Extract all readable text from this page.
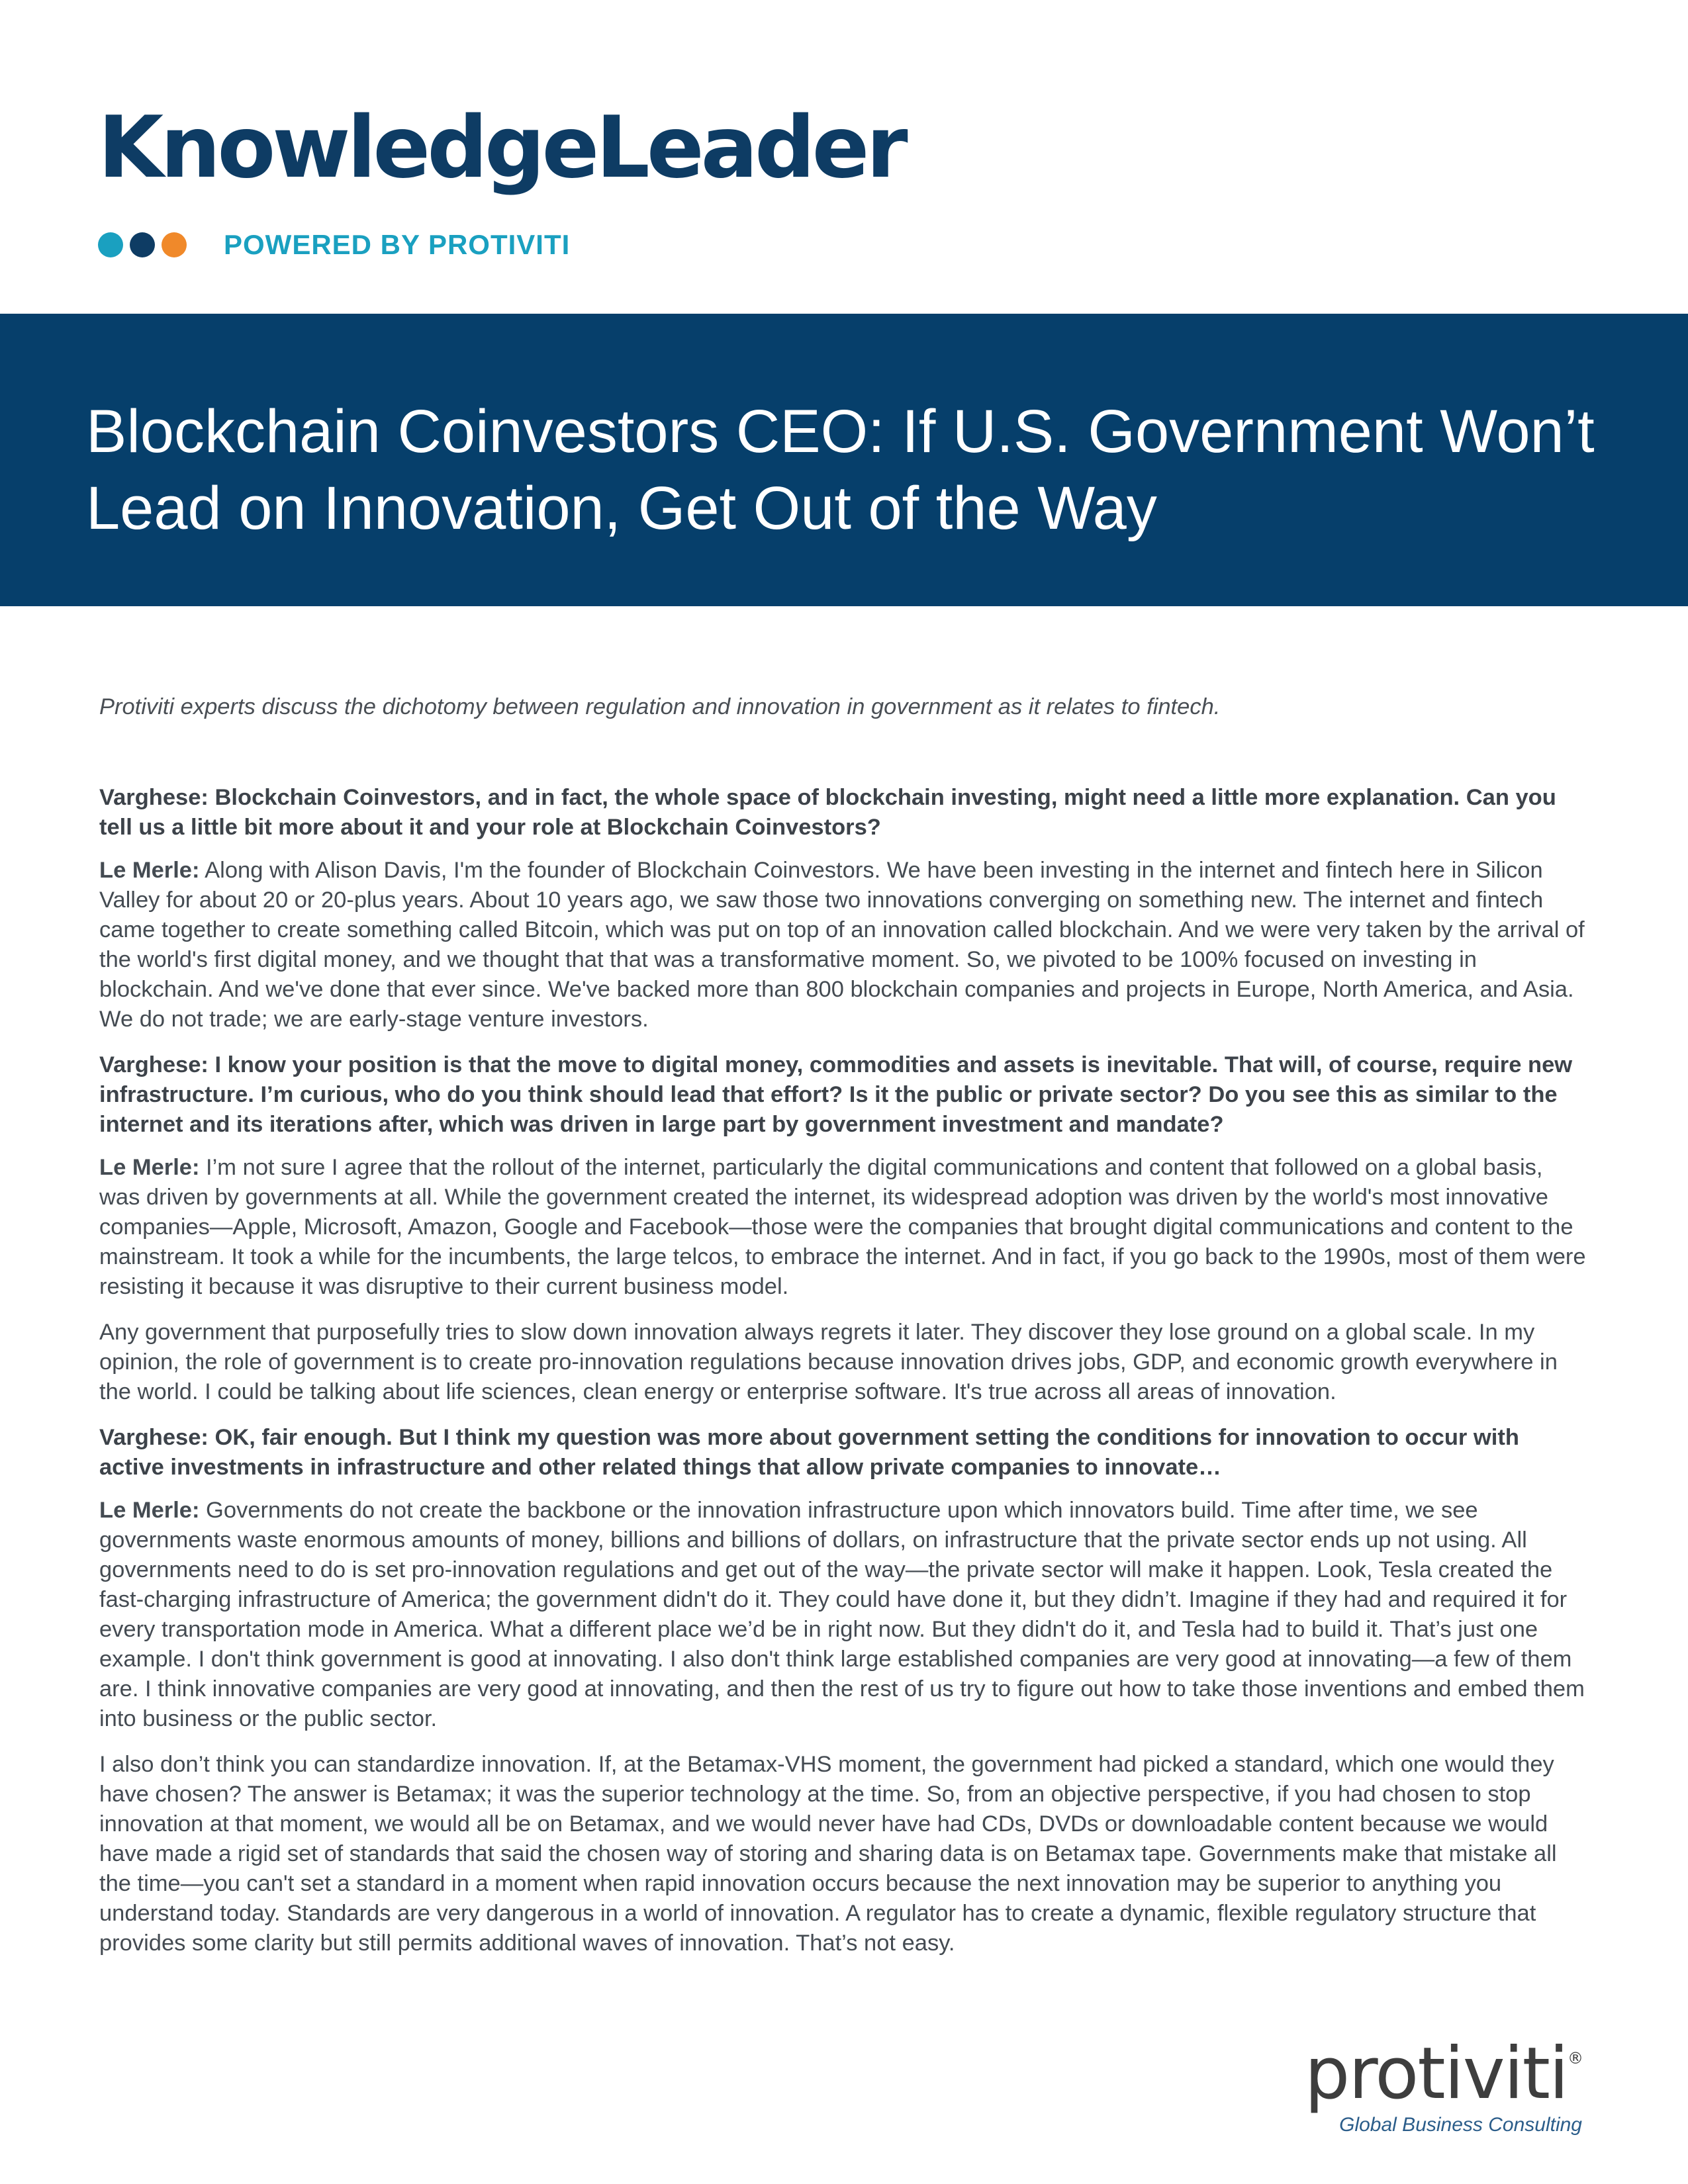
KnowledgeLeader
POWERED BY PROTIVITI
Blockchain Coinvestors CEO: If U.S. Government Won’t
Lead on Innovation, Get Out of the Way

Protiviti experts discuss the dichotomy between regulation and innovation in government as it relates to fintech.

Varghese: Blockchain Coinvestors, and in fact, the whole space of blockchain investing, might need a little more explanation. Can you tell us a little bit more about it and your role at Blockchain Coinvestors?

Le Merle: Along with Alison Davis, I'm the founder of Blockchain Coinvestors. We have been investing in the internet and fintech here in Silicon Valley for about 20 or 20-plus years. About 10 years ago, we saw those two innovations converging on something new. The internet and fintech came together to create something called Bitcoin, which was put on top of an innovation called blockchain. And we were very taken by the arrival of the world's first digital money, and we thought that that was a transformative moment. So, we pivoted to be 100% focused on investing in blockchain. And we've done that ever since. We've backed more than 800 blockchain companies and projects in Europe, North America, and Asia. We do not trade; we are early-stage venture investors.

Varghese: I know your position is that the move to digital money, commodities and assets is inevitable. That will, of course, require new infrastructure. I’m curious, who do you think should lead that effort? Is it the public or private sector? Do you see this as similar to the internet and its iterations after, which was driven in large part by government investment and mandate?

Le Merle: I’m not sure I agree that the rollout of the internet, particularly the digital communications and content that followed on a global basis, was driven by governments at all. While the government created the internet, its widespread adoption was driven by the world's most innovative companies—Apple, Microsoft, Amazon, Google and Facebook—those were the companies that brought digital communications and content to the mainstream. It took a while for the incumbents, the large telcos, to embrace the internet. And in fact, if you go back to the 1990s, most of them were resisting it because it was disruptive to their current business model.

Any government that purposefully tries to slow down innovation always regrets it later. They discover they lose ground on a global scale. In my opinion, the role of government is to create pro-innovation regulations because innovation drives jobs, GDP, and economic growth everywhere in the world. I could be talking about life sciences, clean energy or enterprise software. It's true across all areas of innovation.

Varghese: OK, fair enough. But I think my question was more about government setting the conditions for innovation to occur with active investments in infrastructure and other related things that allow private companies to innovate…

Le Merle: Governments do not create the backbone or the innovation infrastructure upon which innovators build. Time after time, we see governments waste enormous amounts of money, billions and billions of dollars, on infrastructure that the private sector ends up not using. All governments need to do is set pro-innovation regulations and get out of the way—the private sector will make it happen. Look, Tesla created the fast-charging infrastructure of America; the government didn't do it. They could have done it, but they didn’t. Imagine if they had and required it for every transportation mode in America. What a different place we’d be in right now. But they didn't do it, and Tesla had to build it. That’s just one example. I don't think government is good at innovating. I also don't think large established companies are very good at innovating—a few of them are. I think innovative companies are very good at innovating, and then the rest of us try to figure out how to take those inventions and embed them into business or the public sector.

I also don’t think you can standardize innovation. If, at the Betamax-VHS moment, the government had picked a standard, which one would they have chosen? The answer is Betamax; it was the superior technology at the time. So, from an objective perspective, if you had chosen to stop innovation at that moment, we would all be on Betamax, and we would never have had CDs, DVDs or downloadable content because we would have made a rigid set of standards that said the chosen way of storing and sharing data is on Betamax tape. Governments make that mistake all the time—you can't set a standard in a moment when rapid innovation occurs because the next innovation may be superior to anything you understand today. Standards are very dangerous in a world of innovation. A regulator has to create a dynamic, flexible regulatory structure that provides some clarity but still permits additional waves of innovation. That’s not easy.

protiviti®
Global Business Consulting
